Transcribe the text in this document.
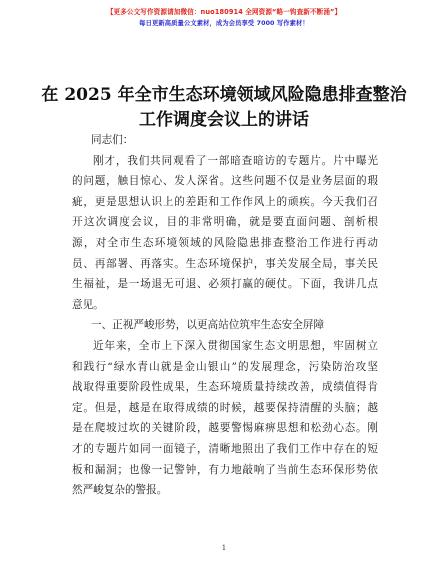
【更多公文写作资源请加微信：nuo180914 全网资源“略一钩查新不断涌”】
每日更新高质量公文素材，成为会员享受 7000 写作素材！
在 2025 年全市生态环境领域风险隐患排查整治
工作调度会议上的讲话
同志们：
刚才，我们共同观看了一部暗查暗访的专题片。片中曝光
的问题，触目惊心、发人深省。这些问题不仅是业务层面的瑕
疵，更是思想认识上的差距和工作作风上的顽疾。今天我们召
开这次调度会议，目的非常明确，就是要直面问题、剖析根
源，对全市生态环境领域的风险隐患排查整治工作进行再动
员、再部署、再落实。生态环境保护，事关发展全局，事关民
生福祉，是一场退无可退、必须打赢的硬仗。下面，我讲几点
意见。
一、正视严峻形势，以更高站位筑牢生态安全屏障
近年来，全市上下深入贯彻国家生态文明思想，牢固树立
和践行“绿水青山就是金山银山”的发展理念，污染防治攻坚
战取得重要阶段性成果，生态环境质量持续改善，成绩值得肯
定。但是，越是在取得成绩的时候，越要保持清醒的头脑；越
是在爬坡过坎的关键阶段，越要警惕麻痹思想和松劲心态。刚
才的专题片如同一面镜子，清晰地照出了我们工作中存在的短
板和漏洞；也像一记警钟，有力地敲响了当前生态环保形势依
然严峻复杂的警报。
1
